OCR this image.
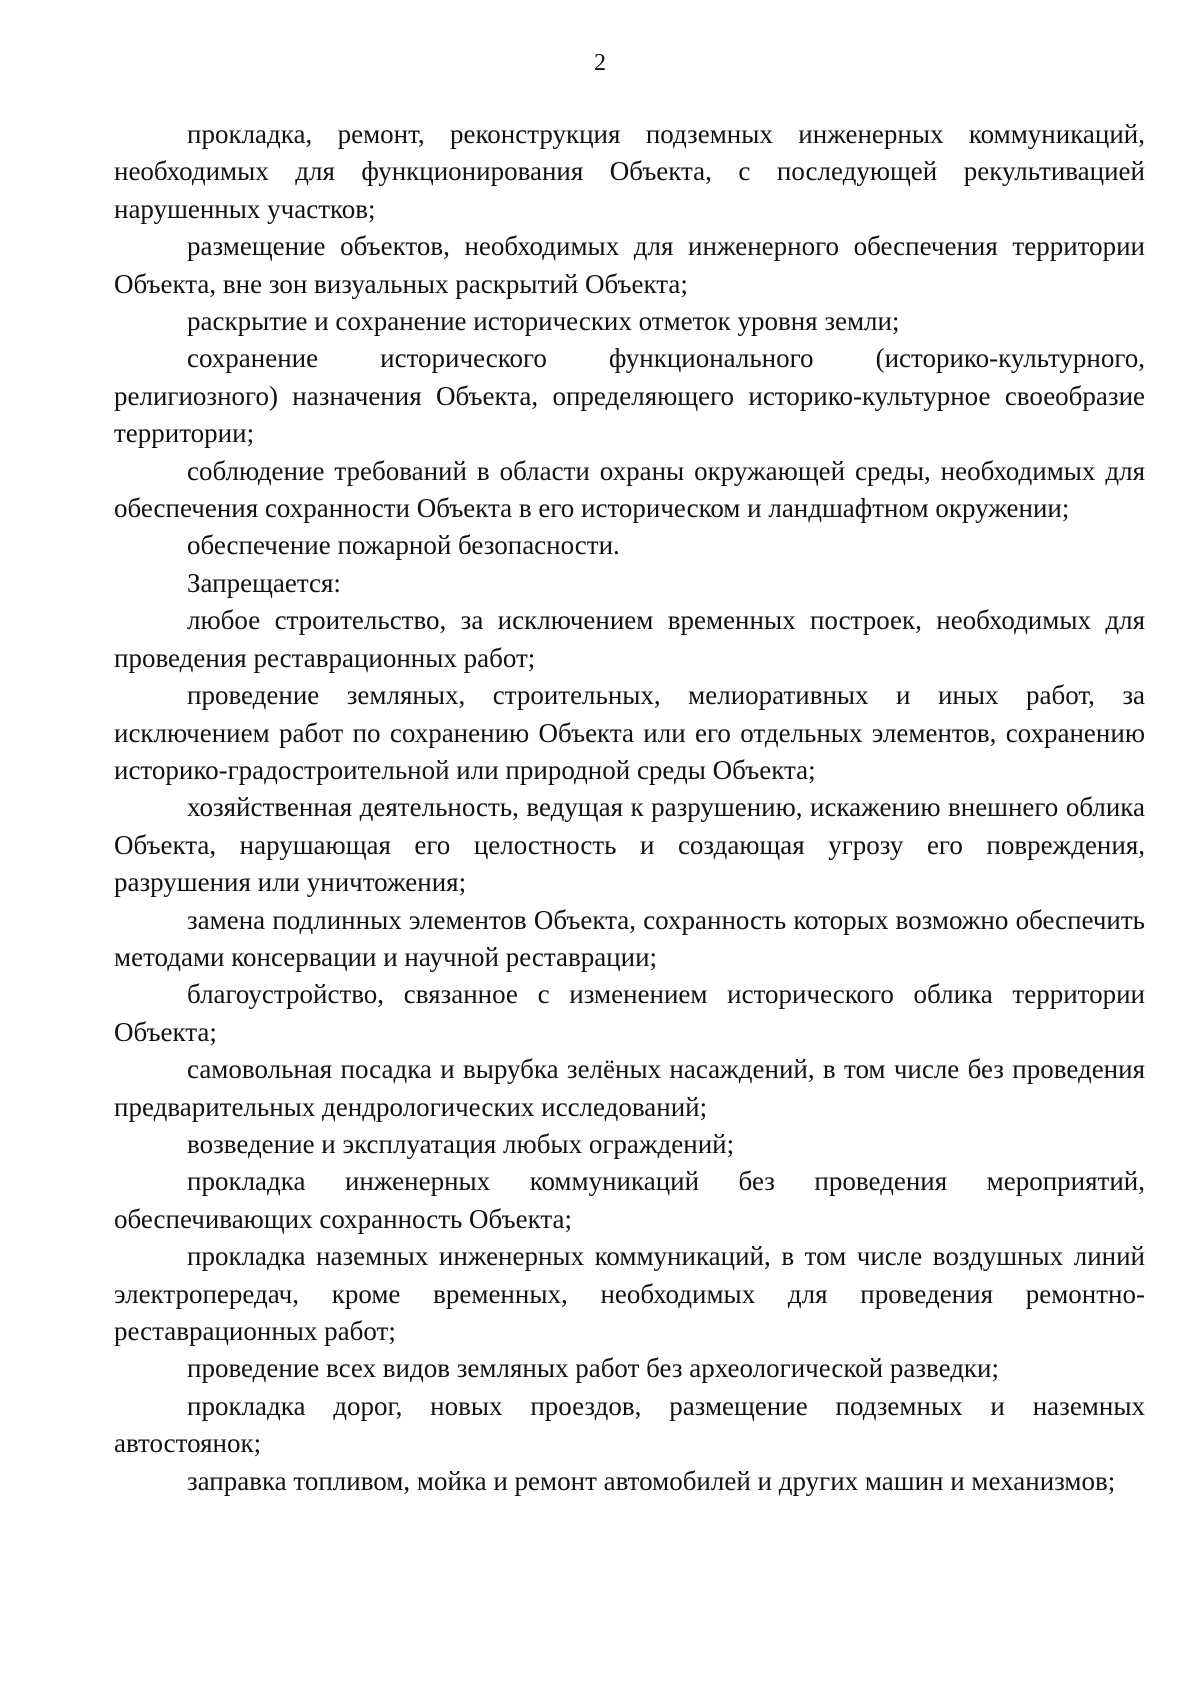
2

прокладка, ремонт, реконструкция подземных инженерных коммуникаций, необходимых для функционирования Объекта, с последующей рекультивацией нарушенных участков;

размещение объектов, необходимых для инженерного обеспечения территории Объекта, вне зон визуальных раскрытий Объекта;

раскрытие и сохранение исторических отметок уровня земли;

сохранение исторического функционального (историко-культурного, религиозного) назначения Объекта, определяющего историко-культурное своеобразие территории;

соблюдение требований в области охраны окружающей среды, необходимых для обеспечения сохранности Объекта в его историческом и ландшафтном окружении;

обеспечение пожарной безопасности.

Запрещается:

любое строительство, за исключением временных построек, необходимых для проведения реставрационных работ;

проведение земляных, строительных, мелиоративных и иных работ, за исключением работ по сохранению Объекта или его отдельных элементов, сохранению историко-градостроительной или природной среды Объекта;

хозяйственная деятельность, ведущая к разрушению, искажению внешнего облика Объекта, нарушающая его целостность и создающая угрозу его повреждения, разрушения или уничтожения;

замена подлинных элементов Объекта, сохранность которых возможно обеспечить методами консервации и научной реставрации;

благоустройство, связанное с изменением исторического облика территории Объекта;

самовольная посадка и вырубка зелёных насаждений, в том числе без проведения предварительных дендрологических исследований;

возведение и эксплуатация любых ограждений;

прокладка инженерных коммуникаций без проведения мероприятий, обеспечивающих сохранность Объекта;

прокладка наземных инженерных коммуникаций, в том числе воздушных линий электропередач, кроме временных, необходимых для проведения ремонтно-реставрационных работ;

проведение всех видов земляных работ без археологической разведки;

прокладка дорог, новых проездов, размещение подземных и наземных автостоянок;

заправка топливом, мойка и ремонт автомобилей и других машин и механизмов;
